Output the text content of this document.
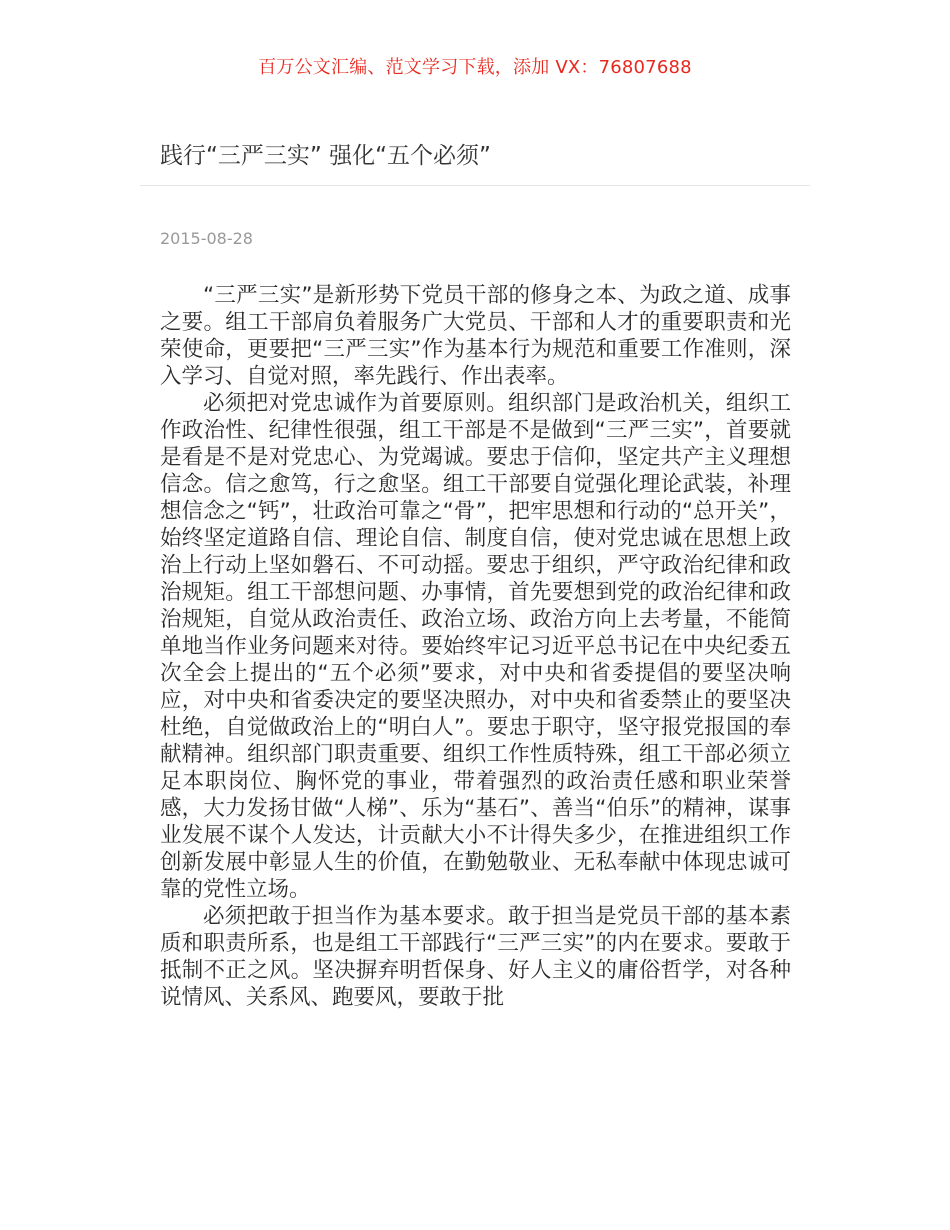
百万公文汇编、范文学习下载，添加 VX：76807688
践行“三严三实” 强化“五个必须”
2015-08-28

“三严三实”是新形势下党员干部的修身之本、为政之道、成事之要。组工干部肩负着服务广大党员、干部和人才的重要职责和光荣使命，更要把“三严三实”作为基本行为规范和重要工作准则，深入学习、自觉对照，率先践行、作出表率。

必须把对党忠诚作为首要原则。组织部门是政治机关，组织工作政治性、纪律性很强，组工干部是不是做到“三严三实”，首要就是看是不是对党忠心、为党竭诚。要忠于信仰，坚定共产主义理想信念。信之愈笃，行之愈坚。组工干部要自觉强化理论武装，补理想信念之“钙”，壮政治可靠之“骨”，把牢思想和行动的“总开关”，始终坚定道路自信、理论自信、制度自信，使对党忠诚在思想上政治上行动上坚如磐石、不可动摇。要忠于组织，严守政治纪律和政治规矩。组工干部想问题、办事情，首先要想到党的政治纪律和政治规矩，自觉从政治责任、政治立场、政治方向上去考量，不能简单地当作业务问题来对待。要始终牢记习近平总书记在中央纪委五次全会上提出的“五个必须”要求，对中央和省委提倡的要坚决响应，对中央和省委决定的要坚决照办，对中央和省委禁止的要坚决杜绝，自觉做政治上的“明白人”。要忠于职守，坚守报党报国的奉献精神。组织部门职责重要、组织工作性质特殊，组工干部必须立足本职岗位、胸怀党的事业，带着强烈的政治责任感和职业荣誉感，大力发扬甘做“人梯”、乐为“基石”、善当“伯乐”的精神，谋事业发展不谋个人发达，计贡献大小不计得失多少，在推进组织工作创新发展中彰显人生的价值，在勤勉敬业、无私奉献中体现忠诚可靠的党性立场。

必须把敢于担当作为基本要求。敢于担当是党员干部的基本素质和职责所系，也是组工干部践行“三严三实”的内在要求。要敢于抵制不正之风。坚决摒弃明哲保身、好人主义的庸俗哲学，对各种说情风、关系风、跑要风，要敢于批
